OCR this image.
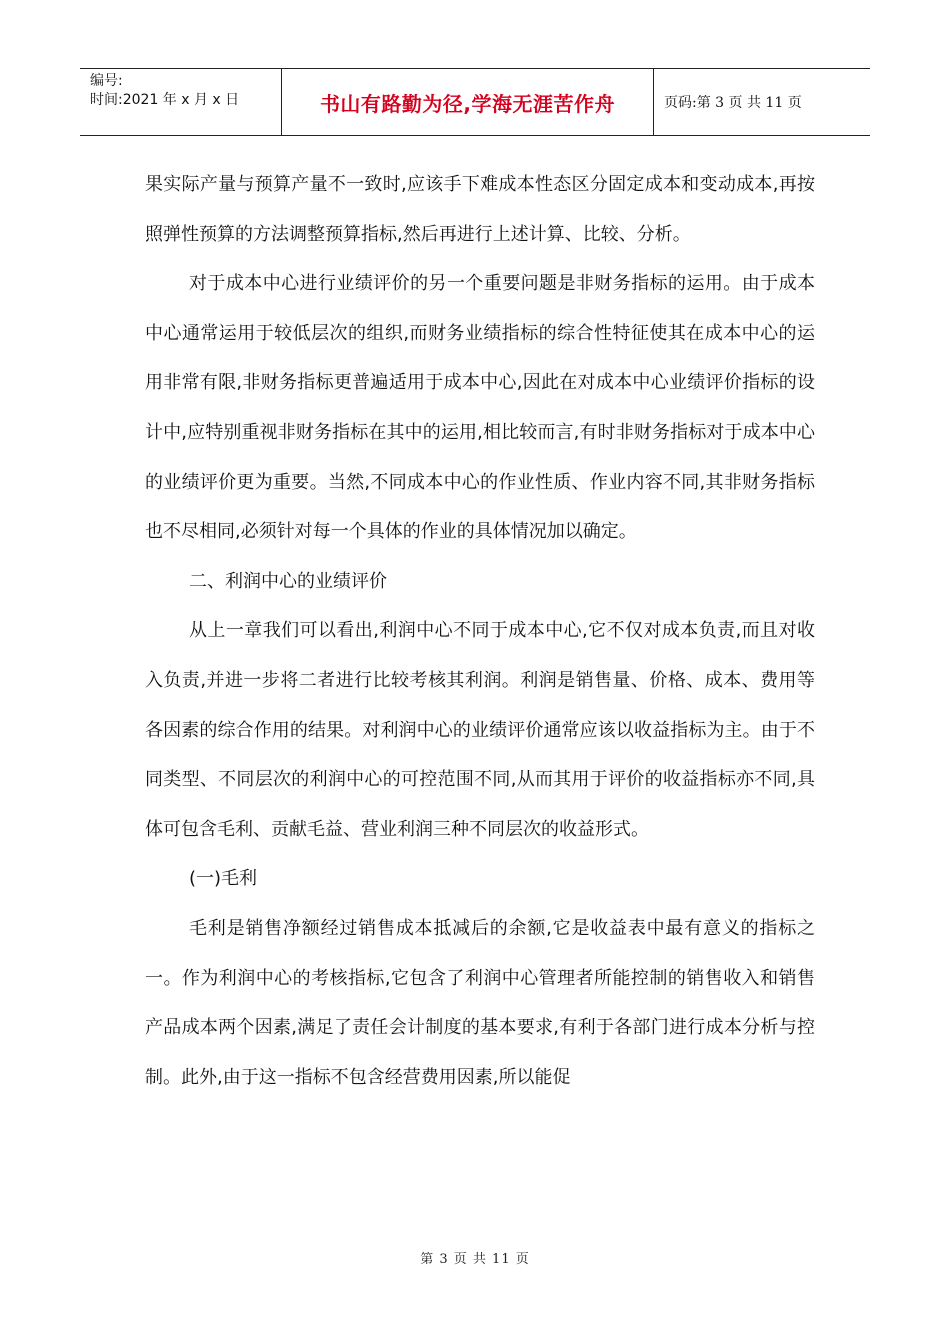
编号:
时间:2021 年 x 月 x 日	书山有路勤为径,学海无涯苦作舟	页码:第 3 页 共 11 页

果实际产量与预算产量不一致时,应该手下难成本性态区分固定成本和变动成本,再按照弹性预算的方法调整预算指标,然后再进行上述计算、比较、分析。

对于成本中心进行业绩评价的另一个重要问题是非财务指标的运用。由于成本中心通常运用于较低层次的组织,而财务业绩指标的综合性特征使其在成本中心的运用非常有限,非财务指标更普遍适用于成本中心,因此在对成本中心业绩评价指标的设计中,应特别重视非财务指标在其中的运用,相比较而言,有时非财务指标对于成本中心的业绩评价更为重要。当然,不同成本中心的作业性质、作业内容不同,其非财务指标也不尽相同,必须针对每一个具体的作业的具体情况加以确定。

二、利润中心的业绩评价

从上一章我们可以看出,利润中心不同于成本中心,它不仅对成本负责,而且对收入负责,并进一步将二者进行比较考核其利润。利润是销售量、价格、成本、费用等各因素的综合作用的结果。对利润中心的业绩评价通常应该以收益指标为主。由于不同类型、不同层次的利润中心的可控范围不同,从而其用于评价的收益指标亦不同,具体可包含毛利、贡献毛益、营业利润三种不同层次的收益形式。

(一)毛利

毛利是销售净额经过销售成本抵减后的余额,它是收益表中最有意义的指标之一。作为利润中心的考核指标,它包含了利润中心管理者所能控制的销售收入和销售产品成本两个因素,满足了责任会计制度的基本要求,有利于各部门进行成本分析与控制。此外,由于这一指标不包含经营费用因素,所以能促

第 3 页 共 11 页
